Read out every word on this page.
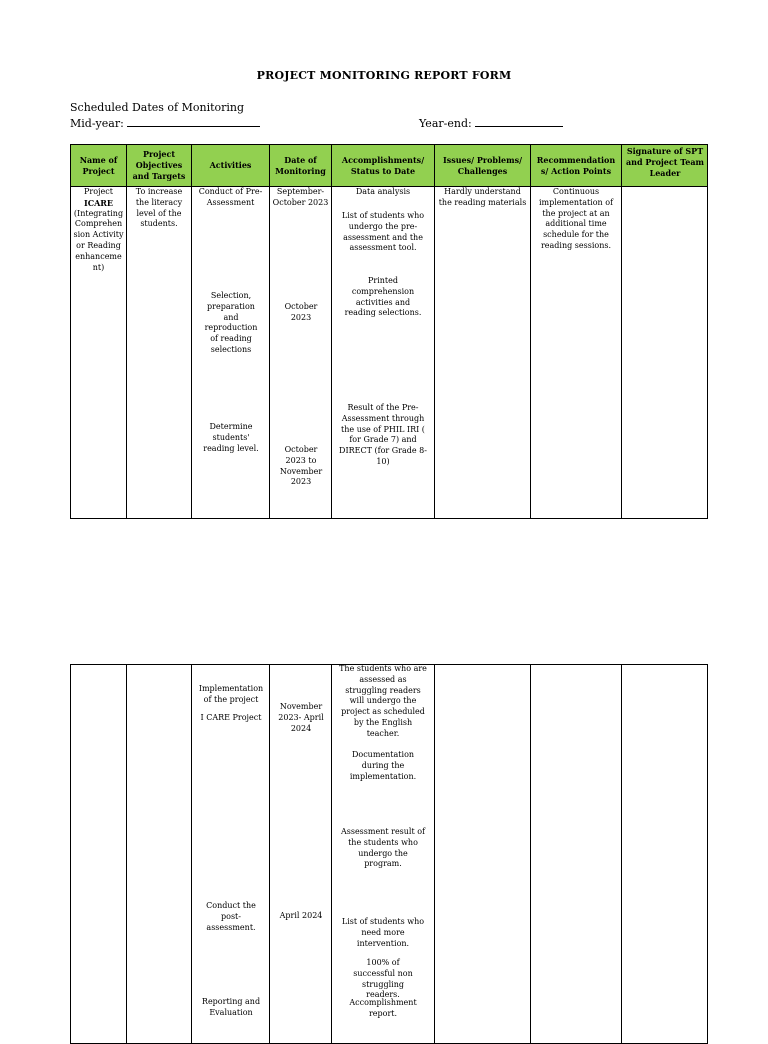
PROJECT MONITORING REPORT FORM
Scheduled Dates of Monitoring
Mid-year:	Year-end:
Name of Project
Project Objectives and Targets
Activities
Date of Monitoring
Accomplishments/ Status to Date
Issues/ Problems/ Challenges
Recommendation s/ Action Points
Signature of SPT and Project Team Leader
Project
ICARE
(Integrating Comprehension Activity or Reading enhancement)
To increase the literacy level of the students.
Conduct of Pre-Assessment
Selection, preparation and reproduction of reading selections
Determine students' reading level.
September-October 2023
October 2023
October 2023 to November 2023
Data analysis
List of students who undergo the pre-assessment and the assessment tool.
Printed comprehension activities and reading selections.
Result of the Pre-Assessment through the use of PHIL IRI ( for Grade 7) and DIRECT (for Grade 8-10)
Hardly understand the reading materials
Continuous implementation of the project at an additional time schedule for the reading sessions.
Implementation of the project
I CARE Project
Conduct the post-assessment.
Reporting and Evaluation
November 2023- April 2024
April 2024
The students who are assessed as struggling readers will undergo the project as scheduled by the English teacher.
Documentation during the implementation.
Assessment result of the students who undergo the program.
List of students who need more intervention.
100% of successful non struggling readers.
Accomplishment report.
